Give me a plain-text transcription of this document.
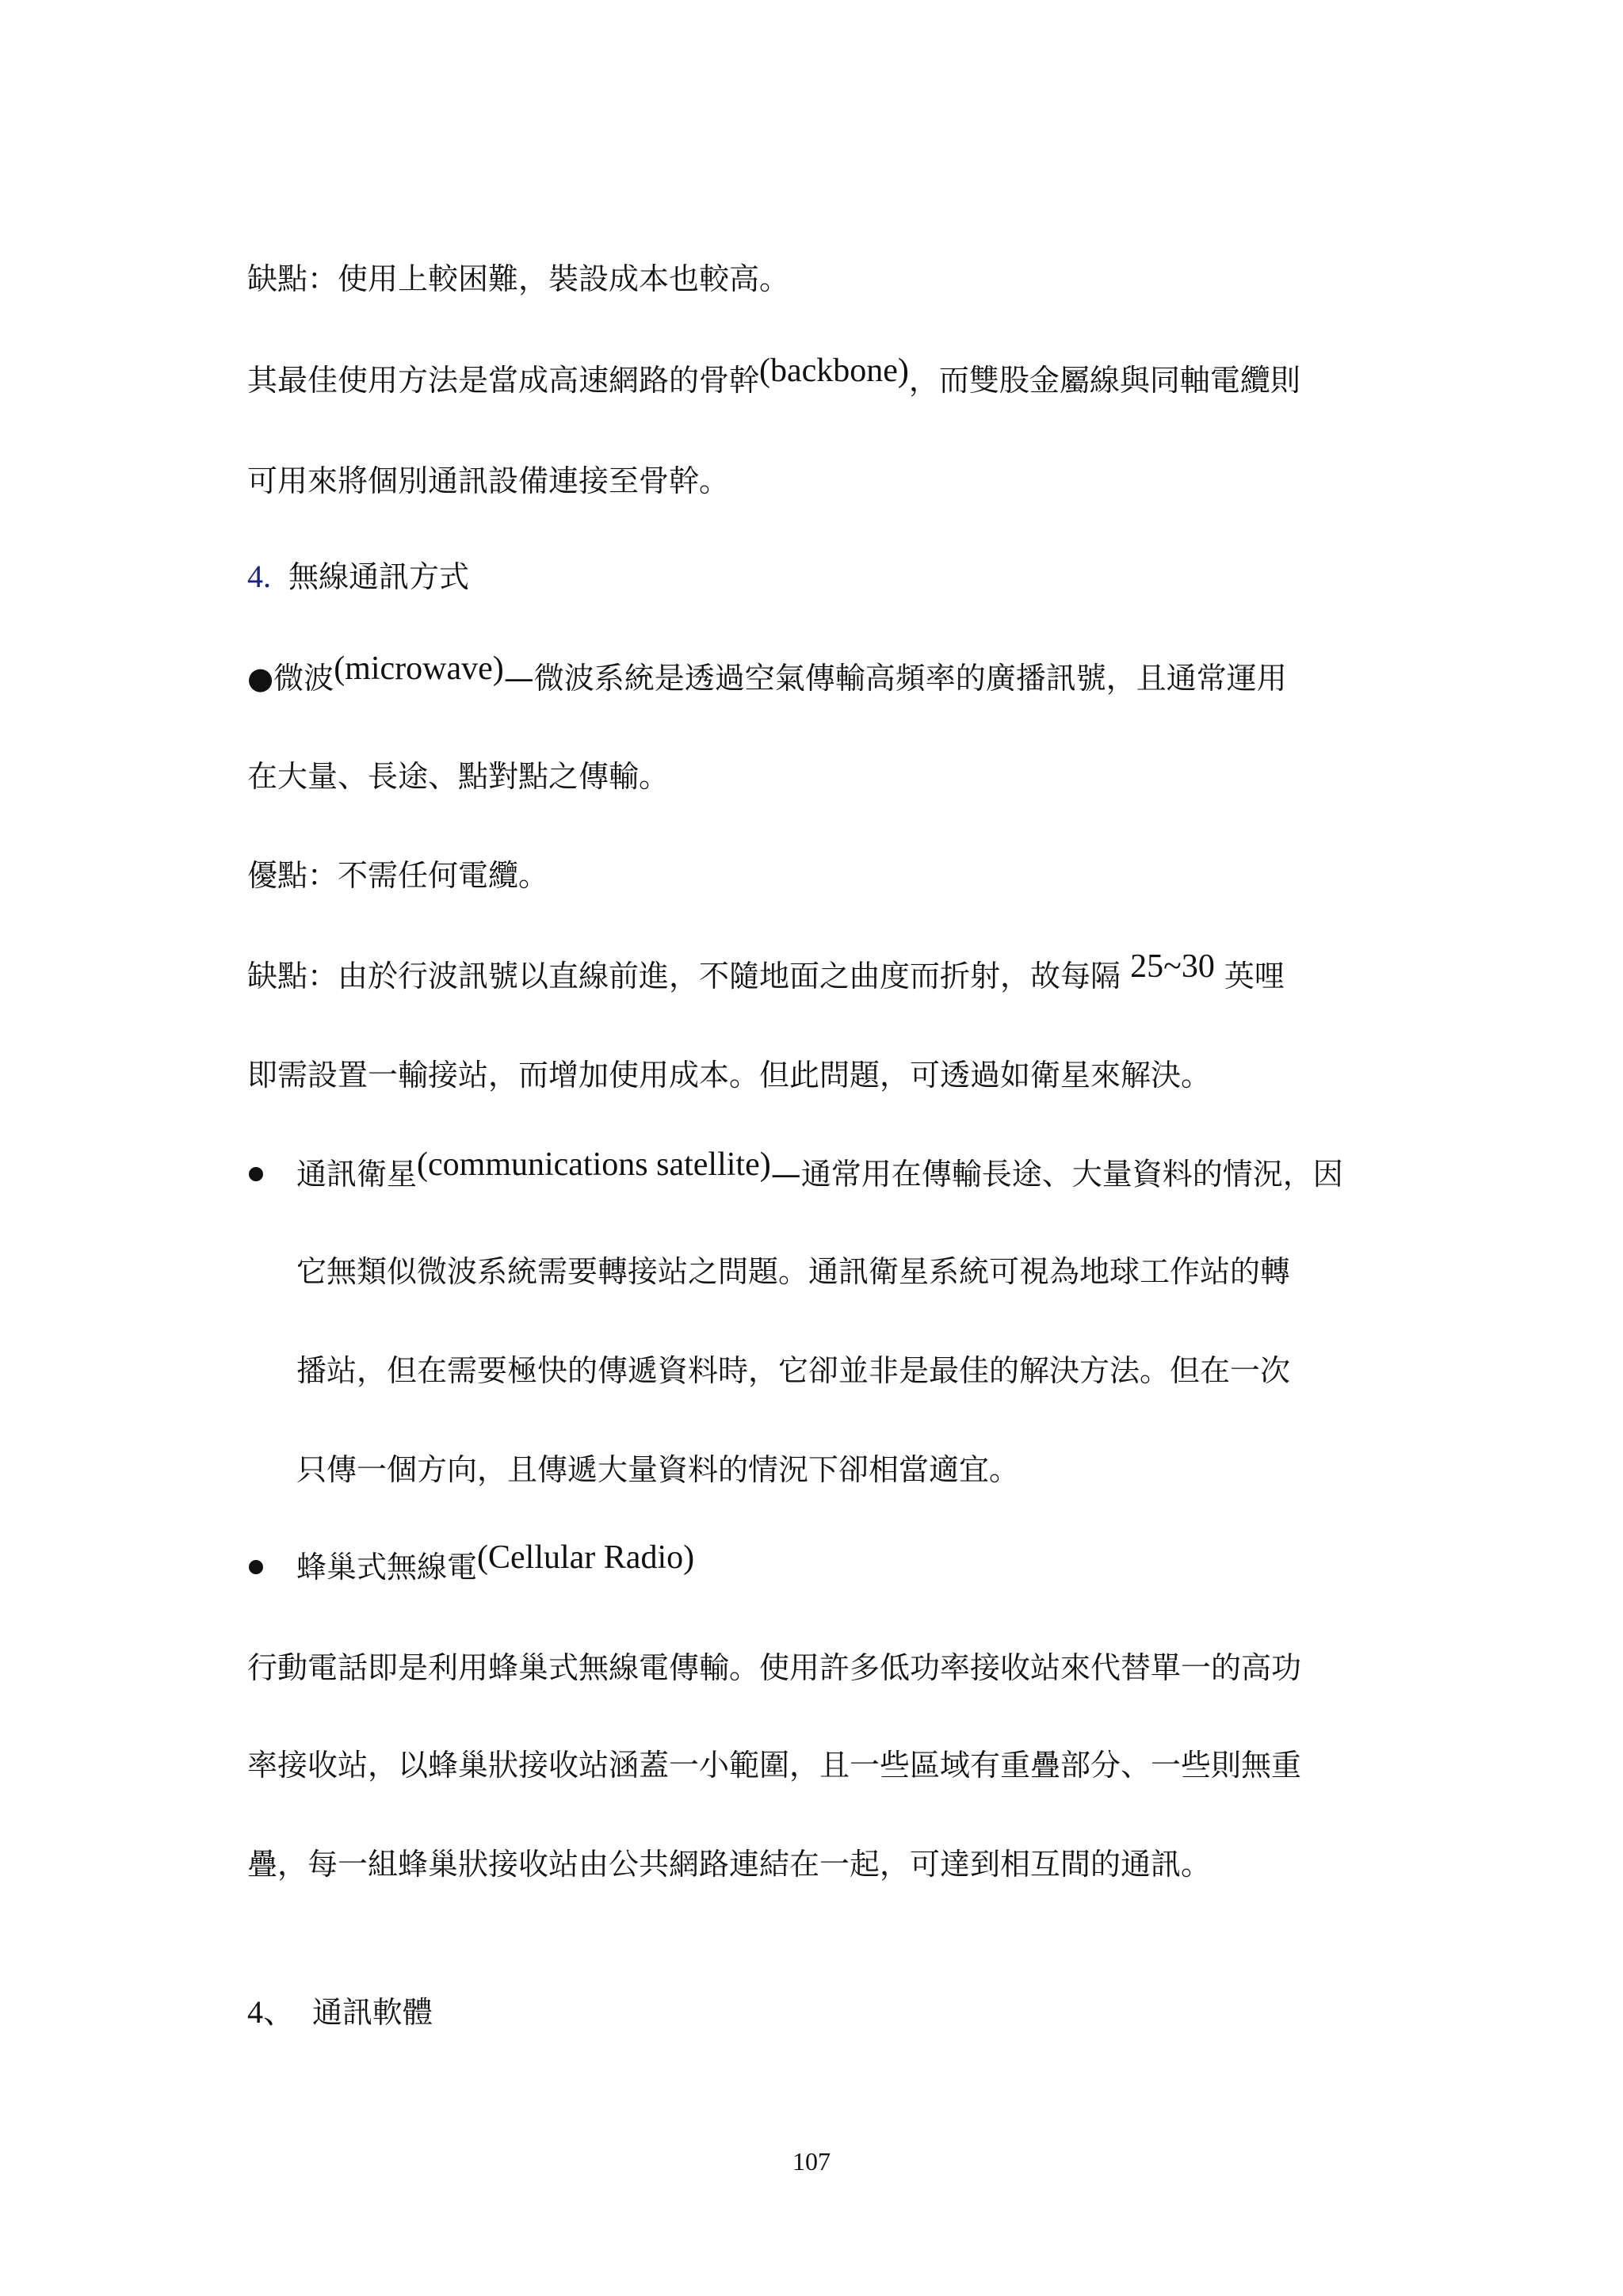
缺點：使用上較困難，裝設成本也較高。
其最佳使用方法是當成高速網路的骨幹(backbone)，而雙股金屬線與同軸電纜則
可用來將個別通訊設備連接至骨幹。
4. 無線通訊方式
●微波(microwave)—微波系統是透過空氣傳輸高頻率的廣播訊號，且通常運用
在大量、長途、點對點之傳輸。
優點：不需任何電纜。
缺點：由於行波訊號以直線前進，不隨地面之曲度而折射，故每隔 25~30 英哩
即需設置一輸接站，而增加使用成本。但此問題，可透過如衛星來解決。
通訊衛星(communications satellite)—通常用在傳輸長途、大量資料的情況，因
它無類似微波系統需要轉接站之問題。通訊衛星系統可視為地球工作站的轉
播站，但在需要極快的傳遞資料時，它卻並非是最佳的解決方法。但在一次
只傳一個方向，且傳遞大量資料的情況下卻相當適宜。
蜂巢式無線電(Cellular Radio)
行動電話即是利用蜂巢式無線電傳輸。使用許多低功率接收站來代替單一的高功
率接收站，以蜂巢狀接收站涵蓋一小範圍，且一些區域有重疊部分、一些則無重
疊，每一組蜂巢狀接收站由公共網路連結在一起，可達到相互間的通訊。
4、 通訊軟體
107
